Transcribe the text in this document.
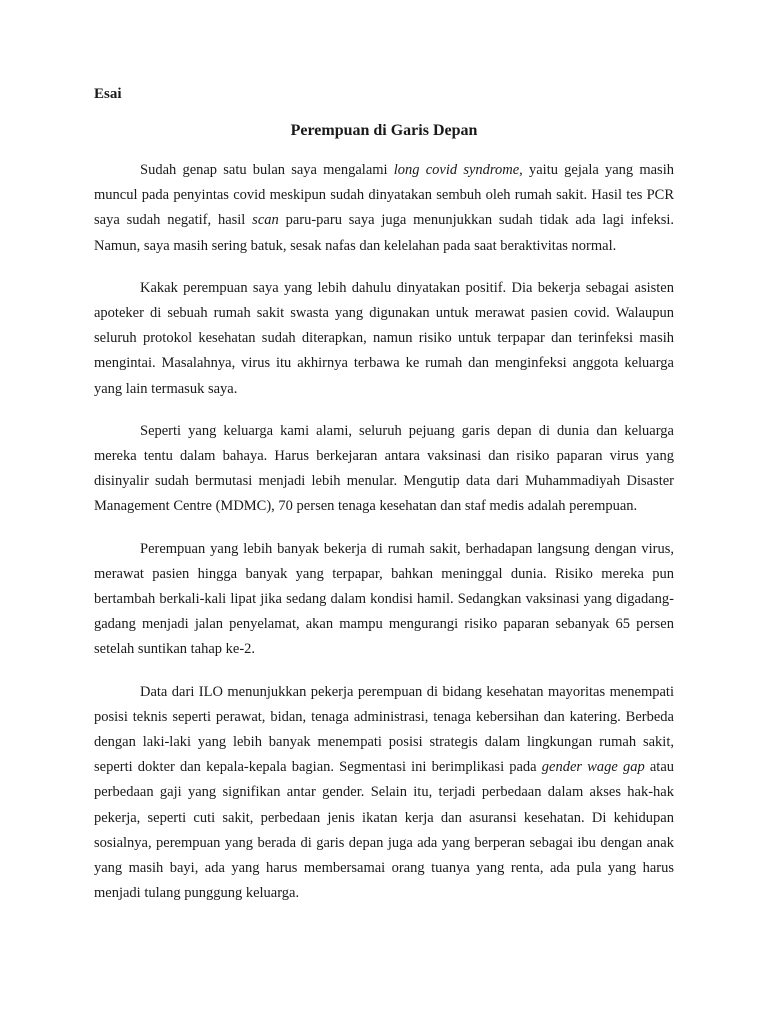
Esai
Perempuan di Garis Depan

Sudah genap satu bulan saya mengalami long covid syndrome, yaitu gejala yang masih muncul pada penyintas covid meskipun sudah dinyatakan sembuh oleh rumah sakit. Hasil tes PCR saya sudah negatif, hasil scan paru-paru saya juga menunjukkan sudah tidak ada lagi infeksi. Namun, saya masih sering batuk, sesak nafas dan kelelahan pada saat beraktivitas normal.

Kakak perempuan saya yang lebih dahulu dinyatakan positif. Dia bekerja sebagai asisten apoteker di sebuah rumah sakit swasta yang digunakan untuk merawat pasien covid. Walaupun seluruh protokol kesehatan sudah diterapkan, namun risiko untuk terpapar dan terinfeksi masih mengintai. Masalahnya, virus itu akhirnya terbawa ke rumah dan menginfeksi anggota keluarga yang lain termasuk saya.

Seperti yang keluarga kami alami, seluruh pejuang garis depan di dunia dan keluarga mereka tentu dalam bahaya. Harus berkejaran antara vaksinasi dan risiko paparan virus yang disinyalir sudah bermutasi menjadi lebih menular. Mengutip data dari Muhammadiyah Disaster Management Centre (MDMC), 70 persen tenaga kesehatan dan staf medis adalah perempuan.

Perempuan yang lebih banyak bekerja di rumah sakit, berhadapan langsung dengan virus, merawat pasien hingga banyak yang terpapar, bahkan meninggal dunia. Risiko mereka pun bertambah berkali-kali lipat jika sedang dalam kondisi hamil. Sedangkan vaksinasi yang digadang-gadang menjadi jalan penyelamat, akan mampu mengurangi risiko paparan sebanyak 65 persen setelah suntikan tahap ke-2.

Data dari ILO menunjukkan pekerja perempuan di bidang kesehatan mayoritas menempati posisi teknis seperti perawat, bidan, tenaga administrasi, tenaga kebersihan dan katering. Berbeda dengan laki-laki yang lebih banyak menempati posisi strategis dalam lingkungan rumah sakit, seperti dokter dan kepala-kepala bagian. Segmentasi ini berimplikasi pada gender wage gap atau perbedaan gaji yang signifikan antar gender. Selain itu, terjadi perbedaan dalam akses hak-hak pekerja, seperti cuti sakit, perbedaan jenis ikatan kerja dan asuransi kesehatan. Di kehidupan sosialnya, perempuan yang berada di garis depan juga ada yang berperan sebagai ibu dengan anak yang masih bayi, ada yang harus membersamai orang tuanya yang renta, ada pula yang harus menjadi tulang punggung keluarga.
